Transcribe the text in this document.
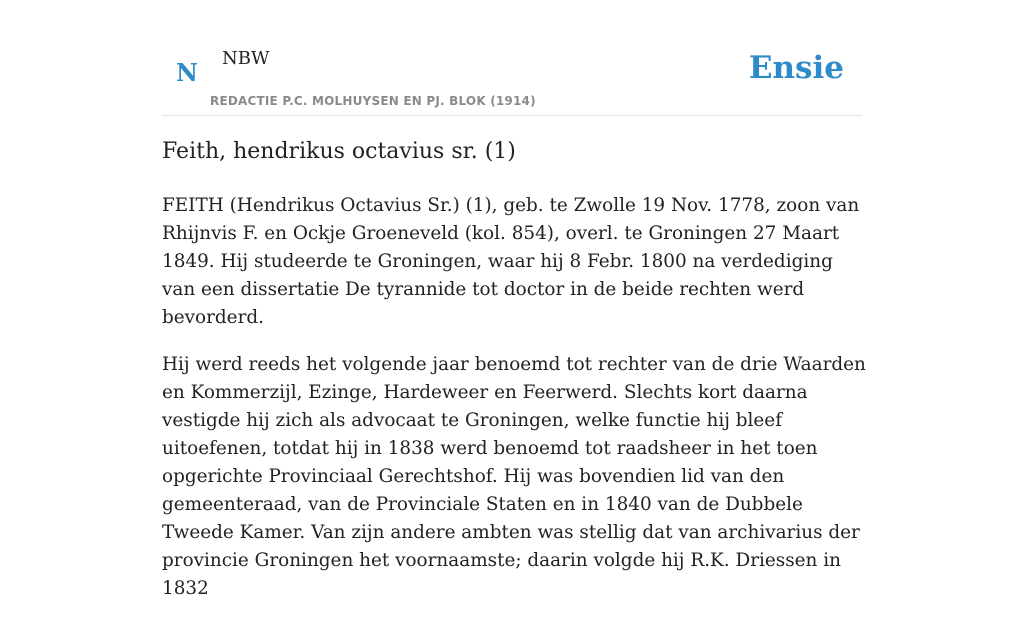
N NBW
REDACTIE P.C. MOLHUYSEN EN PJ. BLOK (1914)
Ensie
Feith, hendrikus octavius sr. (1)

FEITH (Hendrikus Octavius Sr.) (1), geb. te Zwolle 19 Nov. 1778, zoon van Rhijnvis F. en Ockje Groeneveld (kol. 854), overl. te Groningen 27 Maart 1849. Hij studeerde te Groningen, waar hij 8 Febr. 1800 na verdediging van een dissertatie De tyrannide tot doctor in de beide rechten werd bevorderd.

Hij werd reeds het volgende jaar benoemd tot rechter van de drie Waarden en Kommerzijl, Ezinge, Hardeweer en Feerwerd. Slechts kort daarna vestigde hij zich als advocaat te Groningen, welke functie hij bleef uitoefenen, totdat hij in 1838 werd benoemd tot raadsheer in het toen opgerichte Provinciaal Gerechtshof. Hij was bovendien lid van den gemeenteraad, van de Provinciale Staten en in 1840 van de Dubbele Tweede Kamer. Van zijn andere ambten was stellig dat van archivarius der provincie Groningen het voornaamste; daarin volgde hij R.K. Driessen in 1832
